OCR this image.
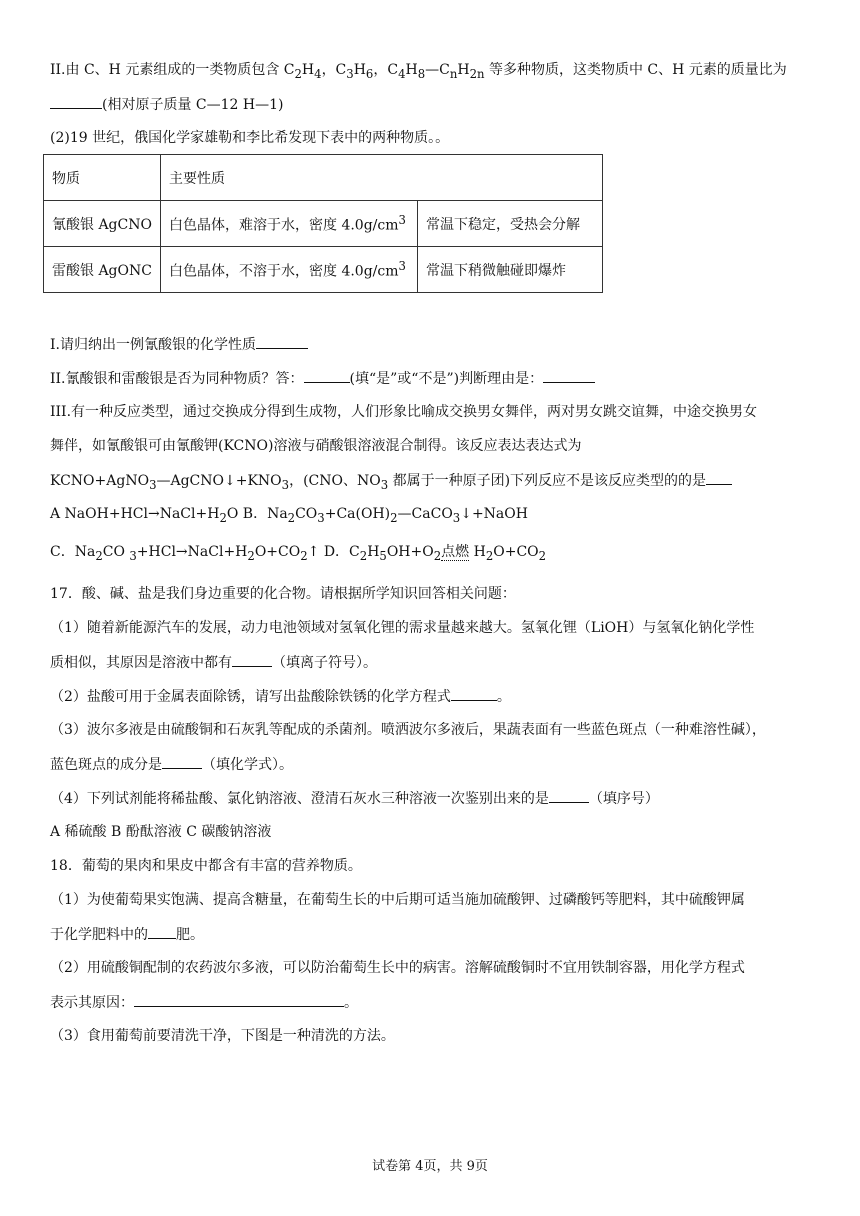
II.由 C、H 元素组成的一类物质包含 $C_2H_4$，$C_3H_6$，$C_4H_8—C_nH_{2n}$ 等多种物质，这类物质中 C、H 元素的质量比为
(相对原子质量 C—12 H—1)
(2)19 世纪，俄国化学家雄勒和李比希发现下表中的两种物质。。
物质	主要性质	
氰酸银 AgCNO	白色晶体，难溶于水，密度 $4.0g/cm^3$	常温下稳定，受热会分解
雷酸银 AgONC	白色晶体，不溶于水，密度 $4.0g/cm^3$	常温下稍微触碰即爆炸
I.请归纳出一例氰酸银的化学性质
II.氰酸银和雷酸银是否为同种物质？答：	(填“是”或“不是”)判断理由是：
III.有一种反应类型，通过交换成分得到生成物，人们形象比喻成交换男女舞伴，两对男女跳交谊舞，中途交换男女
舞伴，如氰酸银可由氰酸钾(KCNO)溶液与硝酸银溶液混合制得。该反应表达表达式为
$KCNO+AgNO_3—AgCNO↓+KNO_3$，(CNO、$NO_3$ 都属于一种原子团)下列反应不是该反应类型的的是
A $NaOH+HCl\to NaCl+H_2O$ B．$Na_2CO_3+Ca(OH)_2—CaCO_3↓+NaOH$
C．$Na_2CO$ $_3+HCl\to NaCl+H_2O+CO_2↑$ D．$C_2H_5OH+O_2$点燃 $H_2O+CO_2$
17．酸、碱、盐是我们身边重要的化合物。请根据所学知识回答相关问题：
（1）随着新能源汽车的发展，动力电池领域对氢氧化锂的需求量越来越大。氢氧化锂（LiOH）与氢氧化钠化学性
质相似，其原因是溶液中都有	（填离子符号）。
（2）盐酸可用于金属表面除锈，请写出盐酸除铁锈的化学方程式	。
（3）波尔多液是由硫酸铜和石灰乳等配成的杀菌剂。喷洒波尔多液后，果蔬表面有一些蓝色斑点（一种难溶性碱），
蓝色斑点的成分是	（填化学式）。
（4）下列试剂能将稀盐酸、氯化钠溶液、澄清石灰水三种溶液一次鉴别出来的是	（填序号）
A 稀硫酸 B 酚酞溶液 C 碳酸钠溶液
18．葡萄的果肉和果皮中都含有丰富的营养物质。
（1）为使葡萄果实饱满、提高含糖量，在葡萄生长的中后期可适当施加硫酸钾、过磷酸钙等肥料，其中硫酸钾属
于化学肥料中的 肥。
（2）用硫酸铜配制的农药波尔多液，可以防治葡萄生长中的病害。溶解硫酸铜时不宜用铁制容器，用化学方程式
表示其原因：	。
（3）食用葡萄前要清洗干净，下图是一种清洗的方法。
试卷第 4页，共 9页
